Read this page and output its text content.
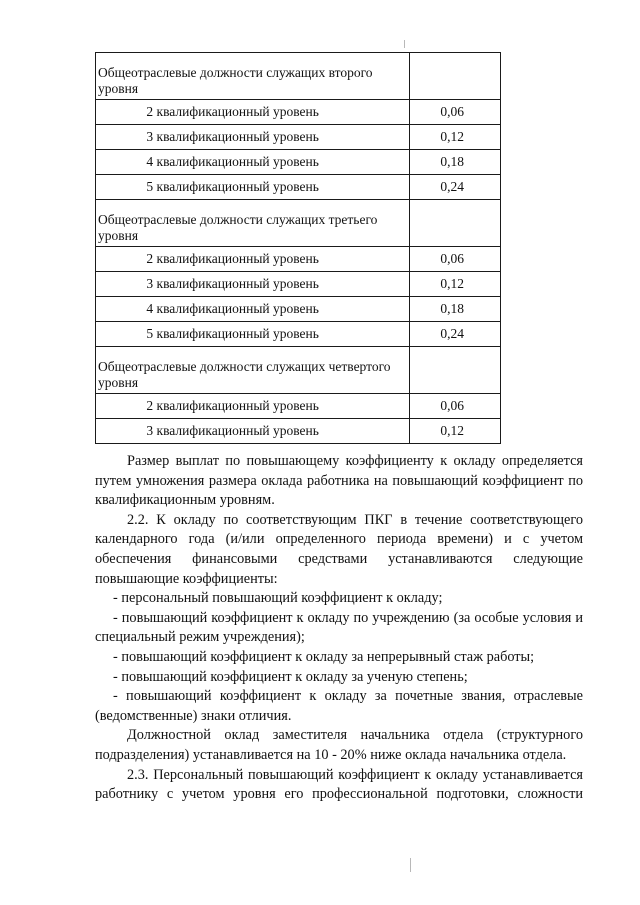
Общеотраслевые должности служащих второго уровня	
2 квалификационный уровень	0,06
3 квалификационный уровень	0,12
4 квалификационный уровень	0,18
5 квалификационный уровень	0,24
Общеотраслевые должности служащих третьего уровня	
2 квалификационный уровень	0,06
3 квалификационный уровень	0,12
4 квалификационный уровень	0,18
5 квалификационный уровень	0,24
Общеотраслевые должности служащих четвертого уровня	
2 квалификационный уровень	0,06
3 квалификационный уровень	0,12

Размер выплат по повышающему коэффициенту к окладу определяется путем умножения размера оклада работника на повышающий коэффициент по квалификационным уровням.

2.2. К окладу по соответствующим ПКГ в течение соответствующего календарного года (и/или определенного периода времени) и с учетом обеспечения финансовыми средствами устанавливаются следующие повышающие коэффициенты:

- персональный повышающий коэффициент к окладу;

- повышающий коэффициент к окладу по учреждению (за особые условия и специальный режим учреждения);

- повышающий коэффициент к окладу за непрерывный стаж работы;

- повышающий коэффициент к окладу за ученую степень;

- повышающий коэффициент к окладу за почетные звания, отраслевые (ведомственные) знаки отличия.

Должностной оклад заместителя начальника отдела (структурного подразделения) устанавливается на 10 - 20% ниже оклада начальника отдела.

2.3. Персональный повышающий коэффициент к окладу устанавливается работнику с учетом уровня его профессиональной подготовки, сложности
